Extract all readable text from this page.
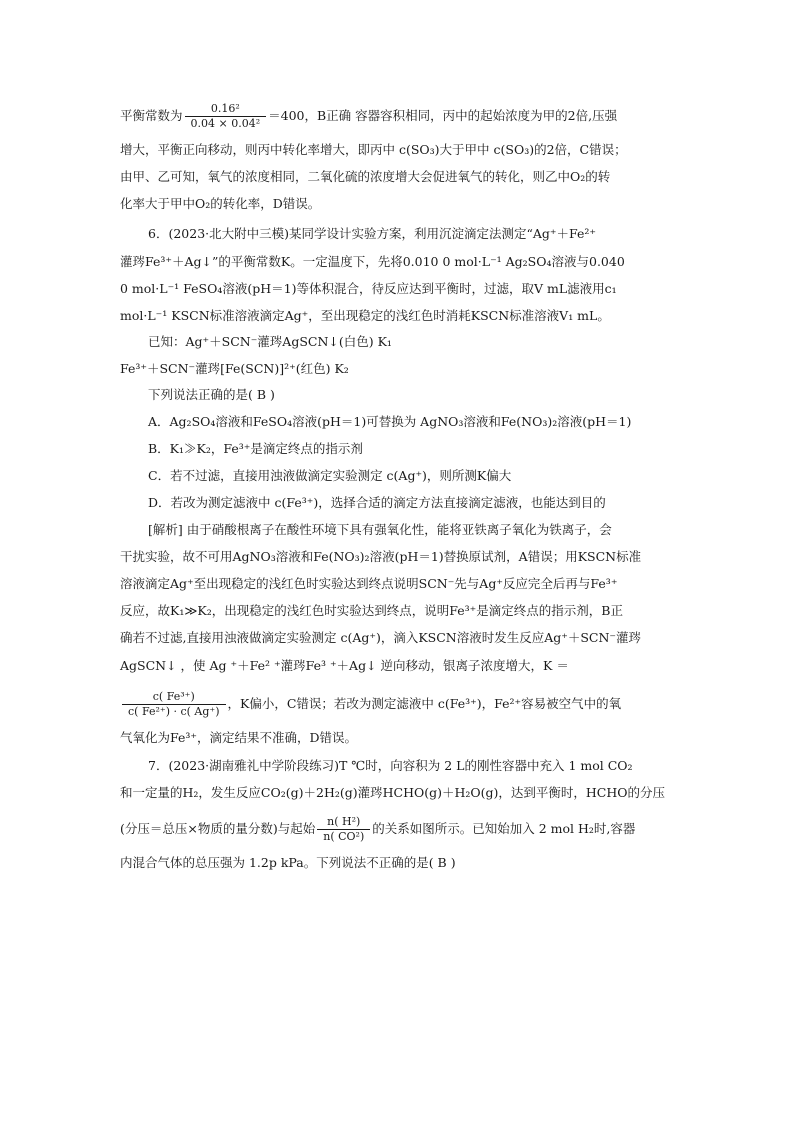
平衡常数为 $\frac{\text{0.16²}}{\text{0.04 × 0.04²}} =400$，B正确 容器容积相同，丙中的起始浓度为甲的2倍,压强
增大，平衡正向移动，则丙中转化率增大，即丙中 c(SO₃)大于甲中 c(SO₃)的2倍，C错误；
由甲、乙可知，氧气的浓度相同，二氧化硫的浓度增大会促进氧气的转化，则乙中O₂的转
化率大于甲中O₂的转化率，D错误。
6．(2023·北大附中三模)某同学设计实验方案，利用沉淀滴定法测定“Ag⁺＋Fe²⁺
灌琌Fe³⁺＋Ag↓”的平衡常数K。一定温度下，先将0.010 0 mol·L⁻¹ Ag₂SO₄溶液与0.040
0 mol·L⁻¹ FeSO₄溶液(pH＝1)等体积混合，待反应达到平衡时，过滤，取V mL滤液用c₁
mol·L⁻¹ KSCN标准溶液滴定Ag⁺，至出现稳定的浅红色时消耗KSCN标准溶液V₁ mL。
已知：Ag⁺＋SCN⁻灌琌AgSCN↓(白色) K₁
Fe³⁺＋SCN⁻灌琌[Fe(SCN)]²⁺(红色) K₂
下列说法正确的是( B )
A．Ag₂SO₄溶液和FeSO₄溶液(pH＝1)可替换为 AgNO₃溶液和Fe(NO₃)₂溶液(pH＝1)
B．K₁≫K₂，Fe³⁺是滴定终点的指示剂
C．若不过滤，直接用浊液做滴定实验测定 c(Ag⁺)，则所测K偏大
D．若改为测定滤液中 c(Fe³⁺)，选择合适的滴定方法直接滴定滤液，也能达到目的
[解析] 由于硝酸根离子在酸性环境下具有强氧化性，能将亚铁离子氧化为铁离子，会
干扰实验，故不可用AgNO₃溶液和Fe(NO₃)₂溶液(pH＝1)替换原试剂，A错误；用KSCN标准
溶液滴定Ag⁺至出现稳定的浅红色时实验达到终点说明SCN⁻先与Ag⁺反应完全后再与Fe³⁺
反应，故K₁≫K₂，出现稳定的浅红色时实验达到终点，说明Fe³⁺是滴定终点的指示剂，B正
确若不过滤,直接用浊液做滴定实验测定 c(Ag⁺)，滴入KSCN溶液时发生反应Ag⁺＋SCN⁻灌琌
AgSCN↓ ，使 Ag ⁺＋Fe² ⁺灌琌Fe³ ⁺＋Ag↓ 逆向移动，银离子浓度增大，K ＝
$\frac{\text{c( Fe³⁺)}}{\text{c( Fe²⁺) · c( Ag⁺)}}$ ，K偏小，C错误；若改为测定滤液中 c(Fe³⁺)，Fe²⁺容易被空气中的氧
气氧化为Fe³⁺，滴定结果不准确，D错误。
7．(2023·湖南雅礼中学阶段练习)T ℃时，向容积为 2 L的刚性容器中充入 1 mol CO₂
和一定量的H₂，发生反应CO₂(g)＋2H₂(g)灌琌HCHO(g)＋H₂O(g)，达到平衡时，HCHO的分压
(分压＝总压×物质的量分数)与起始 $\frac{\text{n( H²)}}{\text{n( CO²)}}$ 的关系如图所示。已知始加入 2 mol H₂时,容器
内混合气体的总压强为 1.2p kPa。下列说法不正确的是( B )
